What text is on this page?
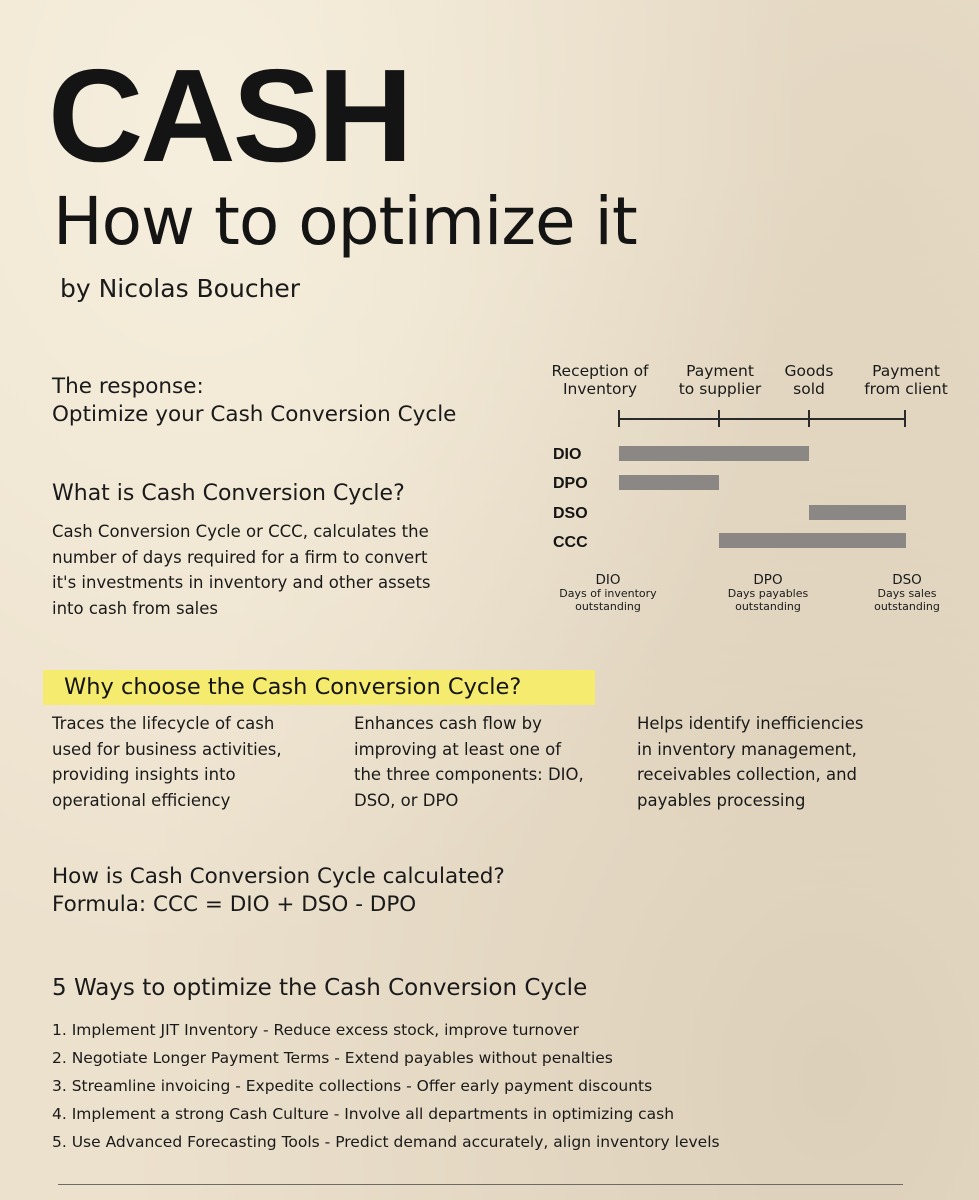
CASH
How to optimize it
by Nicolas Boucher
The response:
Optimize your Cash Conversion Cycle
What is Cash Conversion Cycle?
Cash Conversion Cycle or CCC, calculates the
number of days required for a firm to convert
it's investments in inventory and other assets
into cash from sales
Reception of
Inventory
Payment
to supplier
Goods
sold
Payment
from client
DIO
DPO
DSO
CCC
DIO
Days of inventory
outstanding
DPO
Days payables
outstanding
DSO
Days sales
outstanding
Why choose the Cash Conversion Cycle?
Traces the lifecycle of cash
used for business activities,
providing insights into
operational efficiency
Enhances cash flow by
improving at least one of
the three components: DIO,
DSO, or DPO
Helps identify inefficiencies
in inventory management,
receivables collection, and
payables processing
How is Cash Conversion Cycle calculated?
Formula: CCC = DIO + DSO - DPO
5 Ways to optimize the Cash Conversion Cycle
1. Implement JIT Inventory - Reduce excess stock, improve turnover
2. Negotiate Longer Payment Terms - Extend payables without penalties
3. Streamline invoicing - Expedite collections - Offer early payment discounts
4. Implement a strong Cash Culture - Involve all departments in optimizing cash
5. Use Advanced Forecasting Tools - Predict demand accurately, align inventory levels
